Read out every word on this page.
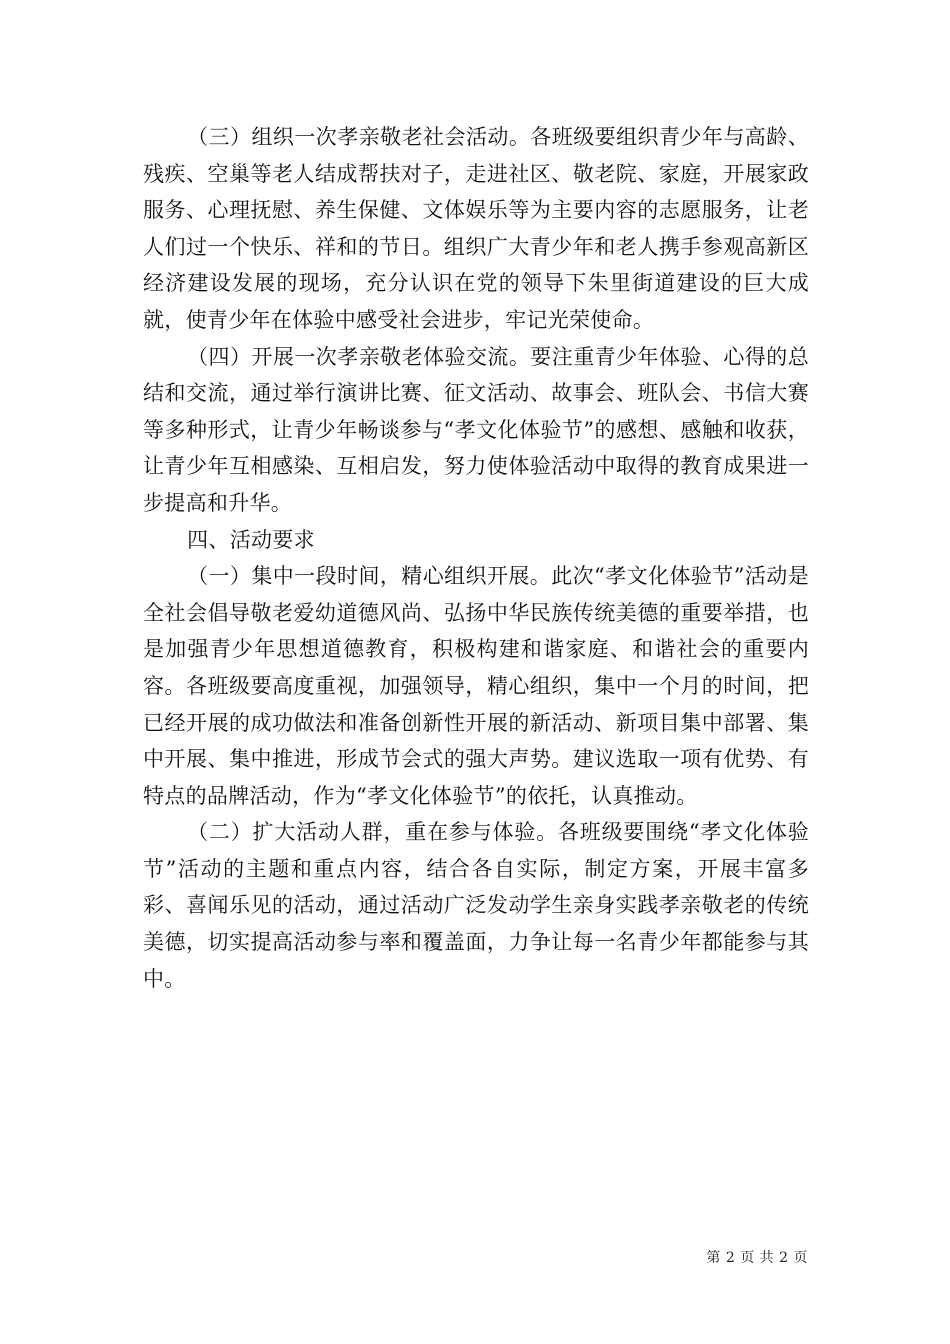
（三）组织一次孝亲敬老社会活动。各班级要组织青少年与高龄、残疾、空巢等老人结成帮扶对子，走进社区、敬老院、家庭，开展家政服务、心理抚慰、养生保健、文体娱乐等为主要内容的志愿服务，让老人们过一个快乐、祥和的节日。组织广大青少年和老人携手参观高新区经济建设发展的现场，充分认识在党的领导下朱里街道建设的巨大成就，使青少年在体验中感受社会进步，牢记光荣使命。

（四）开展一次孝亲敬老体验交流。要注重青少年体验、心得的总结和交流，通过举行演讲比赛、征文活动、故事会、班队会、书信大赛等多种形式，让青少年畅谈参与“孝文化体验节”的感想、感触和收获，让青少年互相感染、互相启发，努力使体验活动中取得的教育成果进一步提高和升华。

四、活动要求

（一）集中一段时间，精心组织开展。此次“孝文化体验节”活动是全社会倡导敬老爱幼道德风尚、弘扬中华民族传统美德的重要举措，也是加强青少年思想道德教育，积极构建和谐家庭、和谐社会的重要内容。各班级要高度重视，加强领导，精心组织，集中一个月的时间，把已经开展的成功做法和准备创新性开展的新活动、新项目集中部署、集中开展、集中推进，形成节会式的强大声势。建议选取一项有优势、有特点的品牌活动，作为“孝文化体验节”的依托，认真推动。

（二）扩大活动人群，重在参与体验。各班级要围绕“孝文化体验节”活动的主题和重点内容，结合各自实际，制定方案，开展丰富多彩、喜闻乐见的活动，通过活动广泛发动学生亲身实践孝亲敬老的传统美德，切实提高活动参与率和覆盖面，力争让每一名青少年都能参与其中。

第 2 页 共 2 页
